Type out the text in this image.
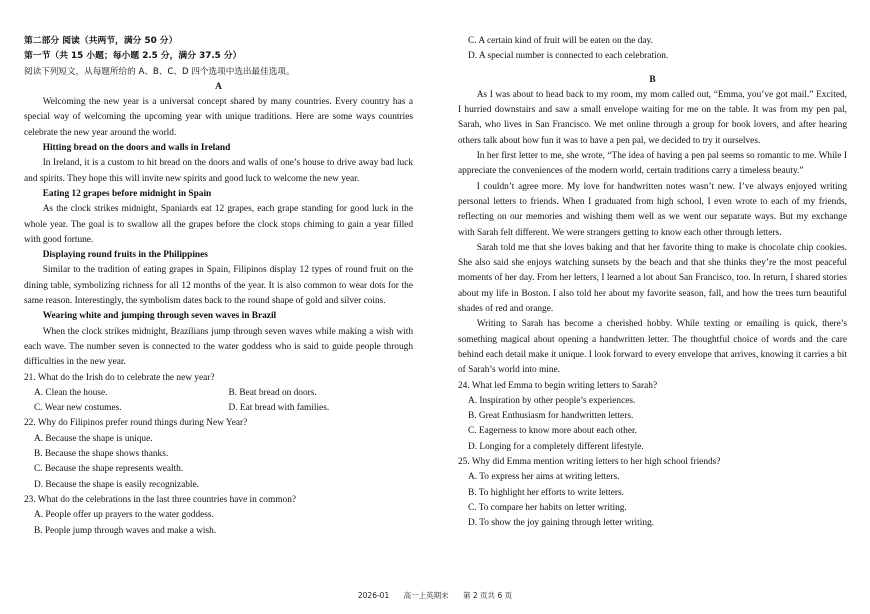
第二部分 阅读（共两节，满分 50 分）

第一节（共 15 小题；每小题 2.5 分，满分 37.5 分）

阅读下列短文，从每题所给的 A、B、C、D 四个选项中选出最佳选项。

A

Welcoming the new year is a universal concept shared by many countries. Every country has a special way of welcoming the upcoming year with unique traditions. Here are some ways countries celebrate the new year around the world.

Hitting bread on the doors and walls in Ireland

In Ireland, it is a custom to hit bread on the doors and walls of one’s house to drive away bad luck and spirits. They hope this will invite new spirits and good luck to welcome the new year.

Eating 12 grapes before midnight in Spain

As the clock strikes midnight, Spaniards eat 12 grapes, each grape standing for good luck in the whole year. The goal is to swallow all the grapes before the clock stops chiming to gain a year filled with good fortune.

Displaying round fruits in the Philippines

Similar to the tradition of eating grapes in Spain, Filipinos display 12 types of round fruit on the dining table, symbolizing richness for all 12 months of the year. It is also common to wear dots for the same reason. Interestingly, the symbolism dates back to the round shape of gold and silver coins.

Wearing white and jumping through seven waves in Brazil

When the clock strikes midnight, Brazilians jump through seven waves while making a wish with each wave. The number seven is connected to the water goddess who is said to guide people through difficulties in the new year.

21. What do the Irish do to celebrate the new year?

A. Clean the house.	B. Beat bread on doors.

C. Wear new costumes.	D. Eat bread with families.

22. Why do Filipinos prefer round things during New Year?

A. Because the shape is unique.

B. Because the shape shows thanks.

C. Because the shape represents wealth.

D. Because the shape is easily recognizable.

23. What do the celebrations in the last three countries have in common?

A. People offer up prayers to the water goddess.

B. People jump through waves and make a wish.

C. A certain kind of fruit will be eaten on the day.

D. A special number is connected to each celebration.

B

As I was about to head back to my room, my mom called out, “Emma, you’ve got mail.” Excited, I hurried downstairs and saw a small envelope waiting for me on the table. It was from my pen pal, Sarah, who lives in San Francisco. We met online through a group for book lovers, and after hearing others talk about how fun it was to have a pen pal, we decided to try it ourselves.

In her first letter to me, she wrote, “The idea of having a pen pal seems so romantic to me. While I appreciate the conveniences of the modern world, certain traditions carry a timeless beauty.”

I couldn’t agree more. My love for handwritten notes wasn’t new. I’ve always enjoyed writing personal letters to friends. When I graduated from high school, I even wrote to each of my friends, reflecting on our memories and wishing them well as we went our separate ways. But my exchange with Sarah felt different. We were strangers getting to know each other through letters.

Sarah told me that she loves baking and that her favorite thing to make is chocolate chip cookies. She also said she enjoys watching sunsets by the beach and that she thinks they’re the most peaceful moments of her day. From her letters, I learned a lot about San Francisco, too. In return, I shared stories about my life in Boston. I also told her about my favorite season, fall, and how the trees turn beautiful shades of red and orange.

Writing to Sarah has become a cherished hobby. While texting or emailing is quick, there’s something magical about opening a handwritten letter. The thoughtful choice of words and the care behind each detail make it unique. I look forward to every envelope that arrives, knowing it carries a bit of Sarah’s world into mine.

24. What led Emma to begin writing letters to Sarah?

A. Inspiration by other people’s experiences.

B. Great Enthusiasm for handwritten letters.

C. Eagerness to know more about each other.

D. Longing for a completely different lifestyle.

25. Why did Emma mention writing letters to her high school friends?

A. To express her aims at writing letters.

B. To highlight her efforts to write letters.

C. To compare her habits on letter writing.

D. To show the joy gaining through letter writing.

2026-01 高一上英期末 第 2 页共 6 页
